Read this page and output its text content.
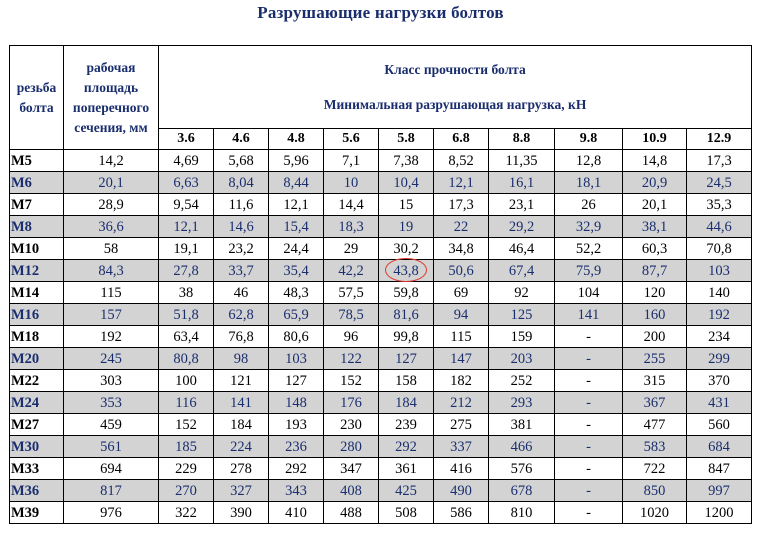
Разрушающие нагрузки болтов
резьба
болта	рабочая
площадь
поперечного
сечения, мм	Класс прочности болта
Минимальная разрушающая нагрузка, кН									

		3.6	4.6	4.8	5.6	5.8	6.8	8.8	9.8	10.9	12.9
M5	14,2	4,69	5,68	5,96	7,1	7,38	8,52	11,35	12,8	14,8	17,3
M6	20,1	6,63	8,04	8,44	10	10,4	12,1	16,1	18,1	20,9	24,5
M7	28,9	9,54	11,6	12,1	14,4	15	17,3	23,1	26	20,1	35,3
M8	36,6	12,1	14,6	15,4	18,3	19	22	29,2	32,9	38,1	44,6
M10	58	19,1	23,2	24,4	29	30,2	34,8	46,4	52,2	60,3	70,8
M12	84,3	27,8	33,7	35,4	42,2	43,8	50,6	67,4	75,9	87,7	103
M14	115	38	46	48,3	57,5	59,8	69	92	104	120	140
M16	157	51,8	62,8	65,9	78,5	81,6	94	125	141	160	192
M18	192	63,4	76,8	80,6	96	99,8	115	159	-	200	234
M20	245	80,8	98	103	122	127	147	203	-	255	299
M22	303	100	121	127	152	158	182	252	-	315	370
M24	353	116	141	148	176	184	212	293	-	367	431
M27	459	152	184	193	230	239	275	381	-	477	560
M30	561	185	224	236	280	292	337	466	-	583	684
M33	694	229	278	292	347	361	416	576	-	722	847
M36	817	270	327	343	408	425	490	678	-	850	997
M39	976	322	390	410	488	508	586	810	-	1020	1200
